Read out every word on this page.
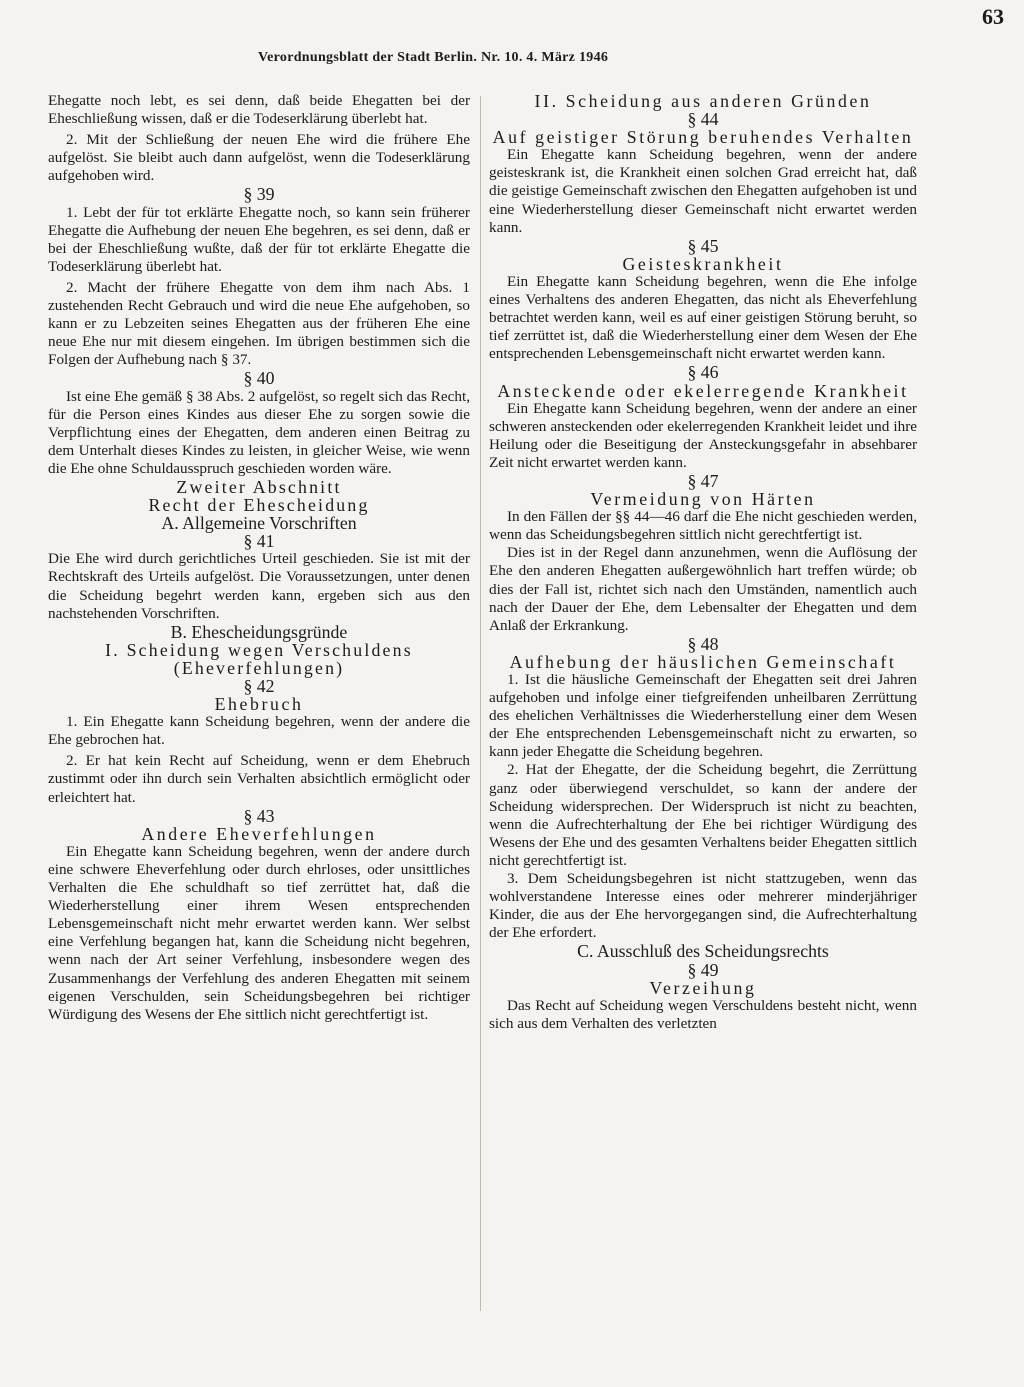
Verordnungsblatt der Stadt Berlin. Nr. 10. 4. März 1946
63

Ehegatte noch lebt, es sei denn, daß beide Ehegatten bei der Eheschließung wissen, daß er die Todeserklärung überlebt hat.

2. Mit der Schließung der neuen Ehe wird die frühere Ehe aufgelöst. Sie bleibt auch dann aufgelöst, wenn die Todeserklärung aufgehoben wird.

§ 39

1. Lebt der für tot erklärte Ehegatte noch, so kann sein früherer Ehegatte die Aufhebung der neuen Ehe begehren, es sei denn, daß er bei der Eheschließung wußte, daß der für tot erklärte Ehegatte die Todeserklärung überlebt hat.

2. Macht der frühere Ehegatte von dem ihm nach Abs. 1 zustehenden Recht Gebrauch und wird die neue Ehe aufgehoben, so kann er zu Lebzeiten seines Ehegatten aus der früheren Ehe eine neue Ehe nur mit diesem eingehen. Im übrigen bestimmen sich die Folgen der Aufhebung nach § 37.

§ 40

Ist eine Ehe gemäß § 38 Abs. 2 aufgelöst, so regelt sich das Recht, für die Person eines Kindes aus dieser Ehe zu sorgen sowie die Verpflichtung eines der Ehegatten, dem anderen einen Beitrag zu dem Unterhalt dieses Kindes zu leisten, in gleicher Weise, wie wenn die Ehe ohne Schuldausspruch geschieden worden wäre.

Zweiter Abschnitt
Recht der Ehescheidung
A. Allgemeine Vorschriften
§ 41

Die Ehe wird durch gerichtliches Urteil geschieden. Sie ist mit der Rechtskraft des Urteils aufgelöst. Die Voraussetzungen, unter denen die Scheidung begehrt werden kann, ergeben sich aus den nachstehenden Vorschriften.

B. Ehescheidungsgründe
I. Scheidung wegen Verschuldens
(Eheverfehlungen)
§ 42
Ehebruch

1. Ein Ehegatte kann Scheidung begehren, wenn der andere die Ehe gebrochen hat.

2. Er hat kein Recht auf Scheidung, wenn er dem Ehebruch zustimmt oder ihn durch sein Verhalten absichtlich ermöglicht oder erleichtert hat.

§ 43
Andere Eheverfehlungen

Ein Ehegatte kann Scheidung begehren, wenn der andere durch eine schwere Eheverfehlung oder durch ehrloses, oder unsittliches Verhalten die Ehe schuldhaft so tief zerrüttet hat, daß die Wiederherstellung einer ihrem Wesen entsprechenden Lebensgemeinschaft nicht mehr erwartet werden kann. Wer selbst eine Verfehlung begangen hat, kann die Scheidung nicht begehren, wenn nach der Art seiner Verfehlung, insbesondere wegen des Zusammenhangs der Verfehlung des anderen Ehegatten mit seinem eigenen Verschulden, sein Scheidungsbegehren bei richtiger Würdigung des Wesens der Ehe sittlich nicht gerechtfertigt ist.

II. Scheidung aus anderen Gründen
§ 44
Auf geistiger Störung beruhendes Verhalten

Ein Ehegatte kann Scheidung begehren, wenn der andere geisteskrank ist, die Krankheit einen solchen Grad erreicht hat, daß die geistige Gemeinschaft zwischen den Ehegatten aufgehoben ist und eine Wiederherstellung dieser Gemeinschaft nicht erwartet werden kann.

§ 45
Geisteskrankheit

Ein Ehegatte kann Scheidung begehren, wenn die Ehe infolge eines Verhaltens des anderen Ehegatten, das nicht als Eheverfehlung betrachtet werden kann, weil es auf einer geistigen Störung beruht, so tief zerrüttet ist, daß die Wiederherstellung einer dem Wesen der Ehe entsprechenden Lebensgemeinschaft nicht erwartet werden kann.

§ 46
Ansteckende oder ekelerregende Krankheit

Ein Ehegatte kann Scheidung begehren, wenn der andere an einer schweren ansteckenden oder ekelerregenden Krankheit leidet und ihre Heilung oder die Beseitigung der Ansteckungsgefahr in absehbarer Zeit nicht erwartet werden kann.

§ 47
Vermeidung von Härten

In den Fällen der §§ 44—46 darf die Ehe nicht geschieden werden, wenn das Scheidungsbegehren sittlich nicht gerechtfertigt ist.

Dies ist in der Regel dann anzunehmen, wenn die Auflösung der Ehe den anderen Ehegatten außergewöhnlich hart treffen würde; ob dies der Fall ist, richtet sich nach den Umständen, namentlich auch nach der Dauer der Ehe, dem Lebensalter der Ehegatten und dem Anlaß der Erkrankung.

§ 48
Aufhebung der häuslichen Gemeinschaft

1. Ist die häusliche Gemeinschaft der Ehegatten seit drei Jahren aufgehoben und infolge einer tiefgreifenden unheilbaren Zerrüttung des ehelichen Verhältnisses die Wiederherstellung einer dem Wesen der Ehe entsprechenden Lebensgemeinschaft nicht zu erwarten, so kann jeder Ehegatte die Scheidung begehren.

2. Hat der Ehegatte, der die Scheidung begehrt, die Zerrüttung ganz oder überwiegend verschuldet, so kann der andere der Scheidung widersprechen. Der Widerspruch ist nicht zu beachten, wenn die Aufrechterhaltung der Ehe bei richtiger Würdigung des Wesens der Ehe und des gesamten Verhaltens beider Ehegatten sittlich nicht gerechtfertigt ist.

3. Dem Scheidungsbegehren ist nicht stattzugeben, wenn das wohlverstandene Interesse eines oder mehrerer minderjähriger Kinder, die aus der Ehe hervorgegangen sind, die Aufrechterhaltung der Ehe erfordert.

C. Ausschluß des Scheidungsrechts
§ 49
Verzeihung

Das Recht auf Scheidung wegen Verschuldens besteht nicht, wenn sich aus dem Verhalten des verletzten
